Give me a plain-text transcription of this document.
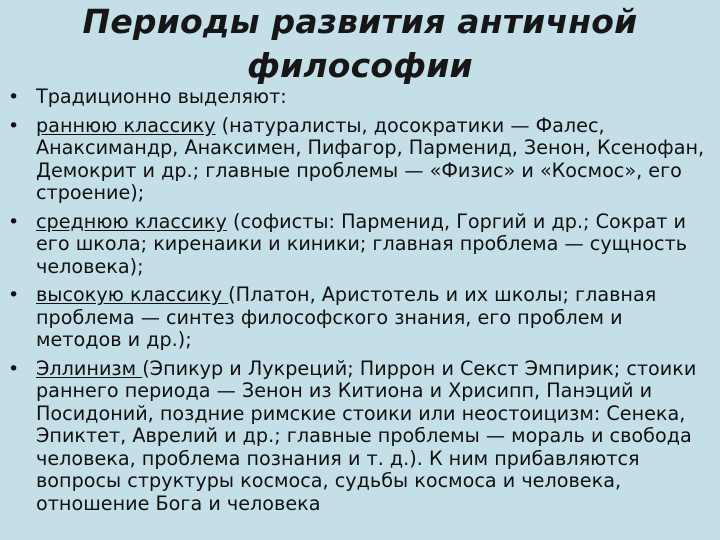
Периоды развития античной
философии
• Традиционно выделяют:
• раннюю классику (натуралисты, досократики — Фалес, Анаксимандр, Анаксимен, Пифагор, Парменид, Зенон, Ксенофан, Демокрит и др.; главные проблемы — «Физис» и «Космос», его строение);
• среднюю классику (софисты: Парменид, Горгий и др.; Сократ и его школа; киренаики и киники; главная проблема — сущность человека);
• высокую классику (Платон, Аристотель и их школы; главная проблема — синтез философского знания, его проблем и методов и др.);
• Эллинизм (Эпикур и Лукреций; Пиррон и Секст Эмпирик; стоики раннего периода — Зенон из Китиона и Хрисипп, Панэций и Посидоний, поздние римские стоики или неостоицизм: Сенека, Эпиктет, Аврелий и др.; главные проблемы — мораль и свобода человека, проблема познания и т. д.). К ним прибавляются вопросы структуры космоса, судьбы космоса и человека, отношение Бога и человека
